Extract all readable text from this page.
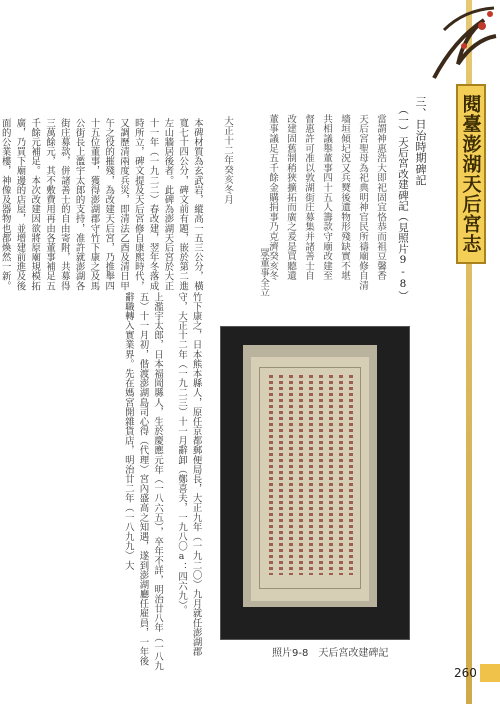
閱臺澎湖天后宮志
三、日治時期碑記
（一）天后宮改建碑記（見照片9-8）
當謂神惠浩大即祀固宜恪恭而祖豆馨香
天后宮聖母為祀典明神官民所禱廟修自清
墻垣傾圮況又兵燹後遺物形殘缺實不堪
共相議舉董事四十五人籌款守廟改建至
督惠許可准以敦湖街庄募集并諸善士自
改建固舊制稍狹擴拓而廣之爰是買聽遺
董事議足五千餘金購捐事乃克濟癸亥冬
大正十二年癸亥冬月
眾董事全立

本碑材質為玄武岩，縱高一五三公分，橫寬七十四公分，碑文前有題，嵌於第二進左山牆居後者。此碑為澎湖天后宮於大正十一年（一九二二）春改建，翌年冬落成時所立，碑文提及天后宮修自康熙時代，又調歷清兩度兵災，即清法乙酉及清日甲午之役的摧殘，為改建天后宮，乃推舉四十五位董事，獲得澎湖郡守竹下康之及馬公街長上濫宇太郎的支持，准許就澎湖各街庄募款，併諸善士的自由寄附，共募得三萬餘元，其不敷費用再由各董事補足五千餘元補足。本次改建因欲將原廟規模拓廣，乃買下廟邊的店屋，並增建前進及後面的公業樓，神像及器物也都煥然一新。

竹下康之，日本熊本縣人，原任京都郵便局長，大正九年（一九二〇）九月就任澎湖郡守，大正十二年（一九二三）十一月辭卸（鄭喜夫，一九八〇a：四六九）。

上濫宇太郎，日本福岡縣人，生於慶應元年（一八六五），卒年不詳，明治廿八年（一八九五）十一月初，偕渡澎湖島司心得（代理）宮內盛高之知遇，遂到澎湖廳任雇員，一年後辭職轉入實業界。先在媽宮開雜貨店，明治廿二年（一八九九）大

照片9-8　天后宮改建碑記
260
